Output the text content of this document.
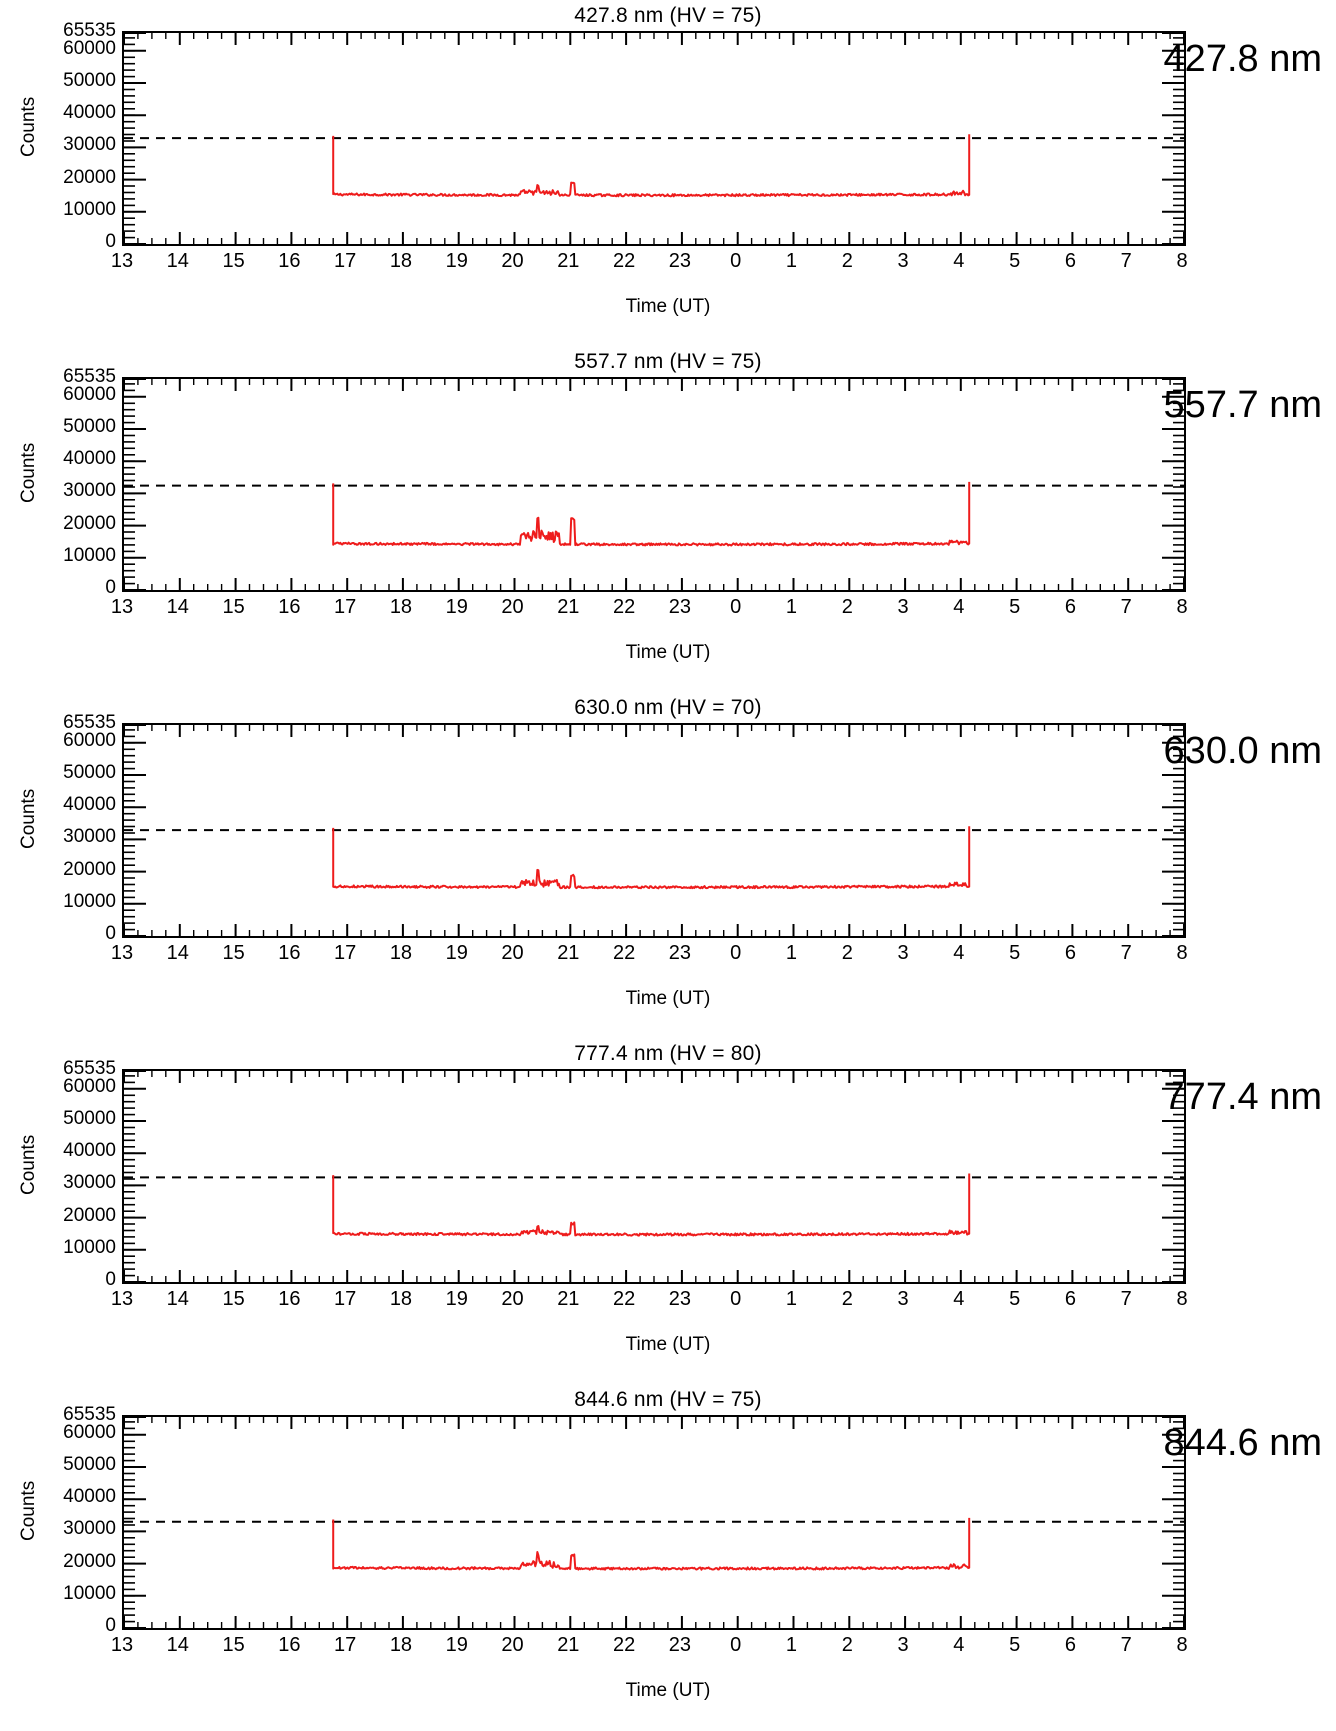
427.8 nm (HV = 75)
Counts
0
10000
20000
30000
40000
50000
60000
65535
427.8 nm
13 14 15 16 17 18 19 20 21 22 23 0 1 2 3 4 5 6 7 8
Time (UT)
557.7 nm (HV = 75)
Counts
0
10000
20000
30000
40000
50000
60000
65535
557.7 nm
13 14 15 16 17 18 19 20 21 22 23 0 1 2 3 4 5 6 7 8
Time (UT)
630.0 nm (HV = 70)
Counts
0
10000
20000
30000
40000
50000
60000
65535
630.0 nm
13 14 15 16 17 18 19 20 21 22 23 0 1 2 3 4 5 6 7 8
Time (UT)
777.4 nm (HV = 80)
Counts
0
10000
20000
30000
40000
50000
60000
65535
777.4 nm
13 14 15 16 17 18 19 20 21 22 23 0 1 2 3 4 5 6 7 8
Time (UT)
844.6 nm (HV = 75)
Counts
0
10000
20000
30000
40000
50000
60000
65535
844.6 nm
13 14 15 16 17 18 19 20 21 22 23 0 1 2 3 4 5 6 7 8
Time (UT)
